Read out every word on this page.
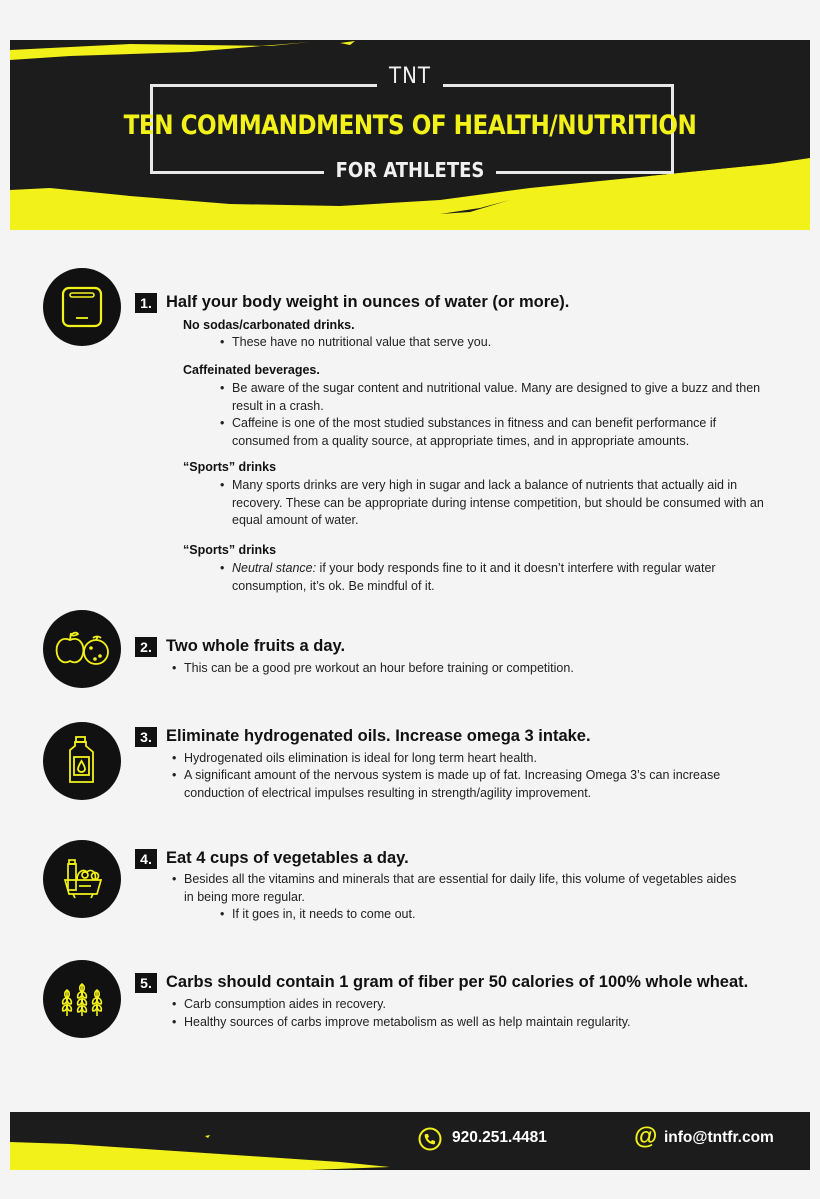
TNT
TEN COMMANDMENTS OF HEALTH/NUTRITION
FOR ATHLETES
1. Half your body weight in ounces of water (or more).
No sodas/carbonated drinks.
• These have no nutritional value that serve you.
Caffeinated beverages.
• Be aware of the sugar content and nutritional value. Many are designed to give a buzz and then result in a crash.
• Caffeine is one of the most studied substances in fitness and can benefit performance if consumed from a quality source, at appropriate times, and in appropriate amounts.
“Sports” drinks
• Many sports drinks are very high in sugar and lack a balance of nutrients that actually aid in recovery. These can be appropriate during intense competition, but should be consumed with an equal amount of water.
“Sports” drinks
• Neutral stance: if your body responds fine to it and it doesn’t interfere with regular water consumption, it’s ok. Be mindful of it.
2. Two whole fruits a day.
• This can be a good pre workout an hour before training or competition.
3. Eliminate hydrogenated oils. Increase omega 3 intake.
• Hydrogenated oils elimination is ideal for long term heart health.
• A significant amount of the nervous system is made up of fat. Increasing Omega 3’s can increase conduction of electrical impulses resulting in strength/agility improvement.
4. Eat 4 cups of vegetables a day.
• Besides all the vitamins and minerals that are essential for daily life, this volume of vegetables aides in being more regular.
• If it goes in, it needs to come out.
5. Carbs should contain 1 gram of fiber per 50 calories of 100% whole wheat.
• Carb consumption aides in recovery.
• Healthy sources of carbs improve metabolism as well as help maintain regularity.
920.251.4481	@ info@tntfr.com
